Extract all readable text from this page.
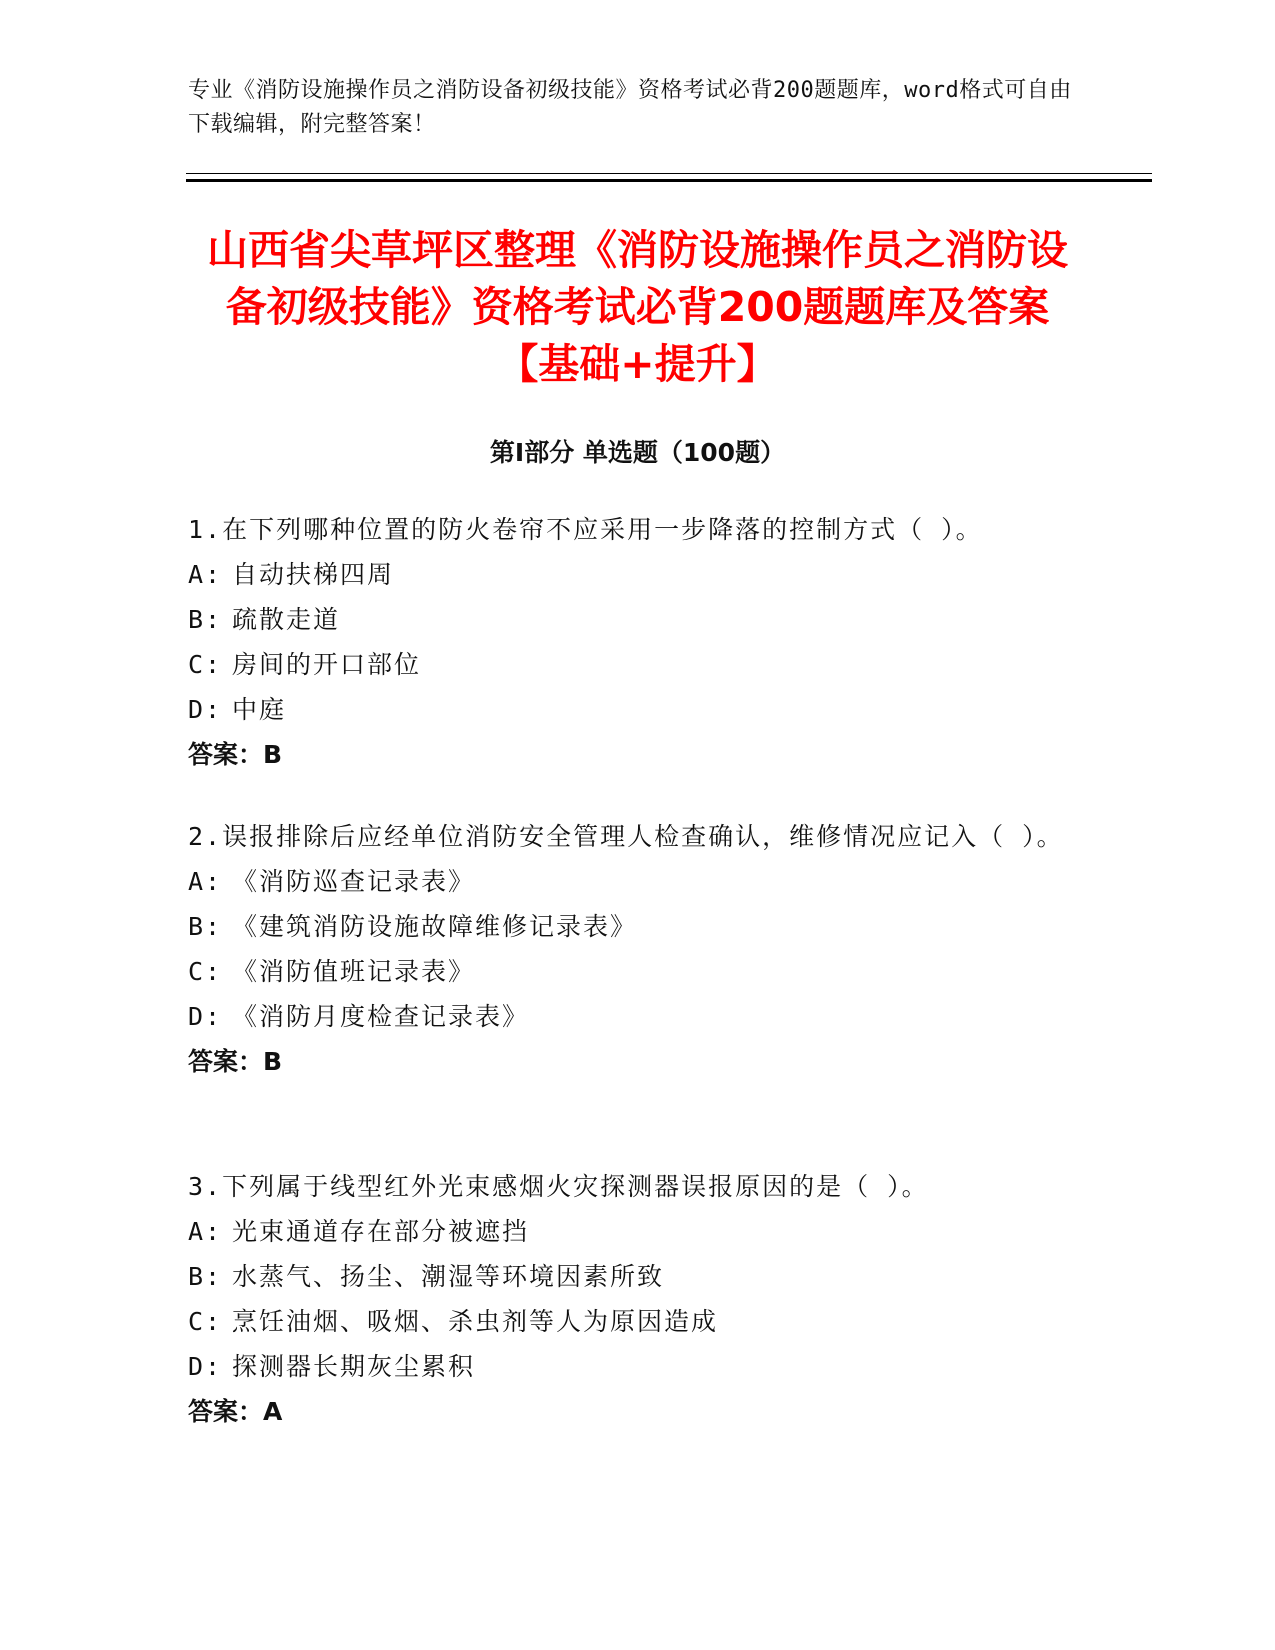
专业《消防设施操作员之消防设备初级技能》资格考试必背200题题库，word格式可自由下载编辑，附完整答案！
山西省尖草坪区整理《消防设施操作员之消防设备初级技能》资格考试必背200题题库及答案【基础+提升】
第I部分 单选题（100题）
1.在下列哪种位置的防火卷帘不应采用一步降落的控制方式（ ）。
A: 自动扶梯四周
B: 疏散走道
C: 房间的开口部位
D: 中庭
答案：B
2.误报排除后应经单位消防安全管理人检查确认，维修情况应记入（ ）。
A: 《消防巡查记录表》
B: 《建筑消防设施故障维修记录表》
C: 《消防值班记录表》
D: 《消防月度检查记录表》
答案：B
3.下列属于线型红外光束感烟火灾探测器误报原因的是（ ）。
A: 光束通道存在部分被遮挡
B: 水蒸气、扬尘、潮湿等环境因素所致
C: 烹饪油烟、吸烟、杀虫剂等人为原因造成
D: 探测器长期灰尘累积
答案：A
